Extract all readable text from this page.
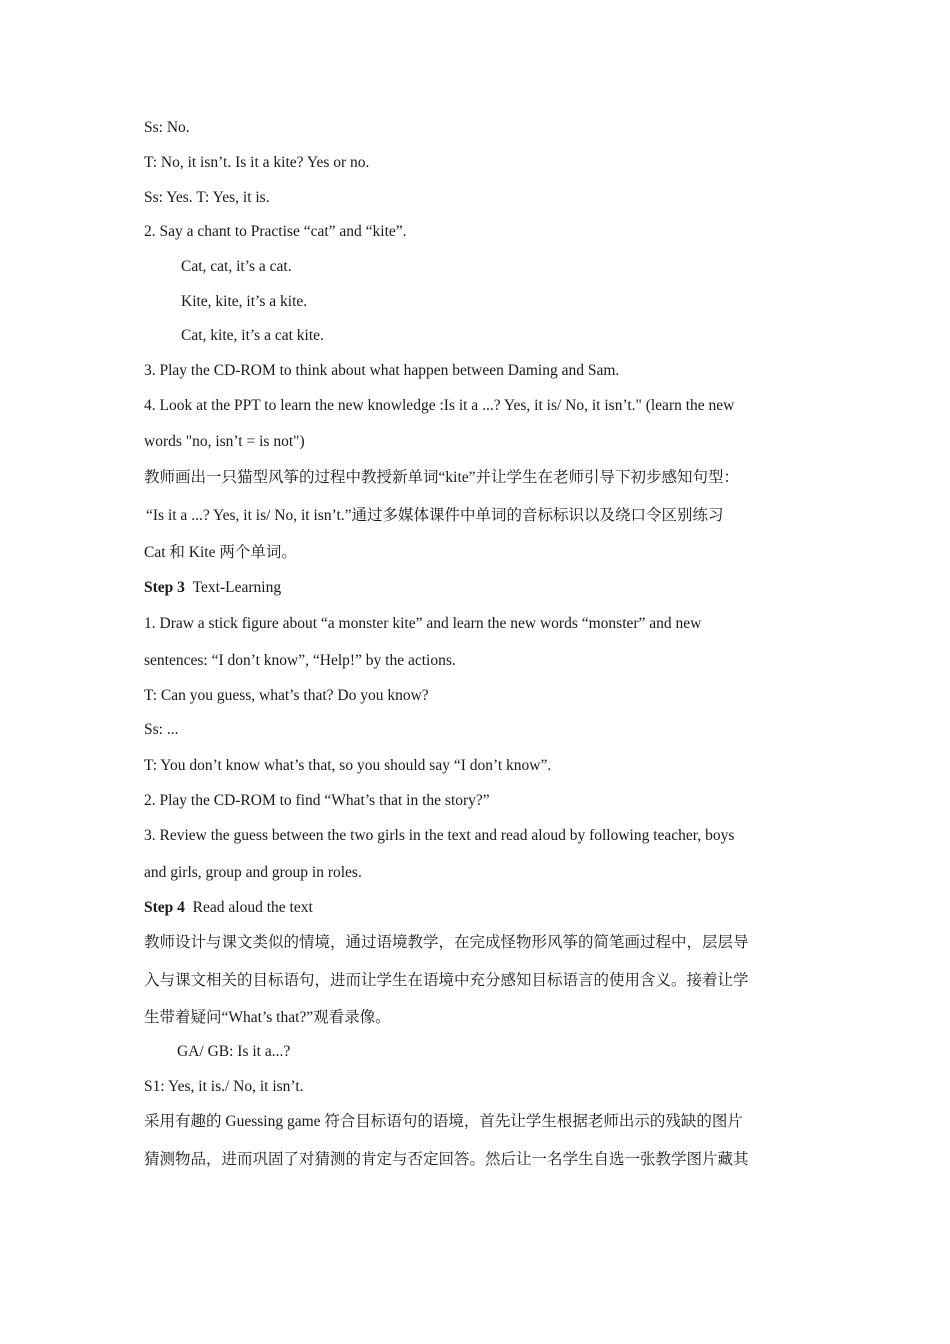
Ss: No.
T: No, it isn’t. Is it a kite? Yes or no.
Ss: Yes. T: Yes, it is.
2. Say a chant to Practise “cat” and “kite”.
Cat, cat, it’s a cat.
Kite, kite, it’s a kite.
Cat, kite, it’s a cat kite.
3. Play the CD-ROM to think about what happen between Daming and Sam.
4. Look at the PPT to learn the new knowledge :Is it a ...? Yes, it is/ No, it isn’t." (learn the new
words "no, isn’t = is not")
教师画出一只猫型风筝的过程中教授新单词“kite”并让学生在老师引导下初步感知句型：
“Is it a ...? Yes, it is/ No, it isn’t.”通过多媒体课件中单词的音标标识以及绕口令区别练习
Cat 和 Kite 两个单词。
Step 3 Text-Learning
1. Draw a stick figure about “a monster kite” and learn the new words “monster” and new
sentences: “I don’t know”, “Help!” by the actions.
T: Can you guess, what’s that? Do you know?
Ss: ...
T: You don’t know what’s that, so you should say “I don’t know”.
2. Play the CD-ROM to find “What’s that in the story?”
3. Review the guess between the two girls in the text and read aloud by following teacher, boys
and girls, group and group in roles.
Step 4 Read aloud the text
教师设计与课文类似的情境，通过语境教学，在完成怪物形风筝的简笔画过程中，层层导
入与课文相关的目标语句，进而让学生在语境中充分感知目标语言的使用含义。接着让学
生带着疑问“What’s that?”观看录像。
GA/ GB: Is it a...?
S1: Yes, it is./ No, it isn’t.
采用有趣的 Guessing game 符合目标语句的语境，首先让学生根据老师出示的残缺的图片
猜测物品，进而巩固了对猜测的肯定与否定回答。然后让一名学生自选一张教学图片藏其
